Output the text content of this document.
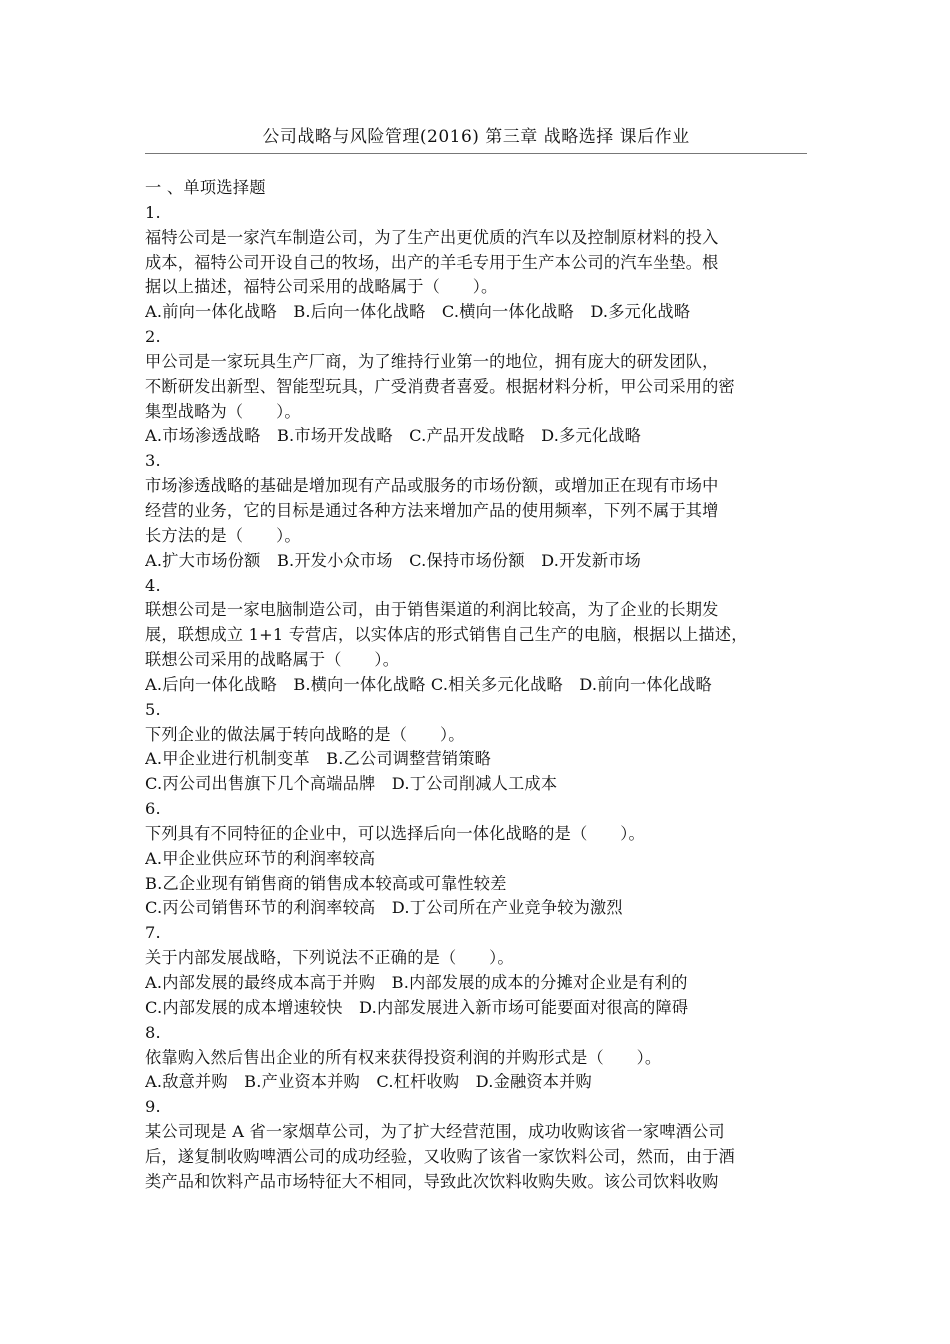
公司战略与风险管理(2016) 第三章 战略选择 课后作业
一 、单项选择题
1.
福特公司是一家汽车制造公司，为了生产出更优质的汽车以及控制原材料的投入
成本，福特公司开设自己的牧场，出产的羊毛专用于生产本公司的汽车坐垫。根
据以上描述，福特公司采用的战略属于（　　）。
A.前向一体化战略　B.后向一体化战略　C.横向一体化战略　D.多元化战略
2.
甲公司是一家玩具生产厂商，为了维持行业第一的地位，拥有庞大的研发团队，
不断研发出新型、智能型玩具，广受消费者喜爱。根据材料分析，甲公司采用的密
集型战略为（　　）。
A.市场渗透战略　B.市场开发战略　C.产品开发战略　D.多元化战略
3.
市场渗透战略的基础是增加现有产品或服务的市场份额，或增加正在现有市场中
经营的业务，它的目标是通过各种方法来增加产品的使用频率，下列不属于其增
长方法的是（　　）。
A.扩大市场份额　B.开发小众市场　C.保持市场份额　D.开发新市场
4.
联想公司是一家电脑制造公司，由于销售渠道的利润比较高，为了企业的长期发
展，联想成立 1+1 专营店，以实体店的形式销售自己生产的电脑，根据以上描述，
联想公司采用的战略属于（　　）。
A.后向一体化战略　B.横向一体化战略 C.相关多元化战略　D.前向一体化战略
5.
下列企业的做法属于转向战略的是（　　）。
A.甲企业进行机制变革　B.乙公司调整营销策略
C.丙公司出售旗下几个高端品牌　D.丁公司削减人工成本
6.
下列具有不同特征的企业中，可以选择后向一体化战略的是（　　）。
A.甲企业供应环节的利润率较高
B.乙企业现有销售商的销售成本较高或可靠性较差
C.丙公司销售环节的利润率较高　D.丁公司所在产业竞争较为激烈
7.
关于内部发展战略，下列说法不正确的是（　　）。
A.内部发展的最终成本高于并购　B.内部发展的成本的分摊对企业是有利的
C.内部发展的成本增速较快　D.内部发展进入新市场可能要面对很高的障碍
8.
依靠购入然后售出企业的所有权来获得投资利润的并购形式是（　　）。
A.敌意并购　B.产业资本并购　C.杠杆收购　D.金融资本并购
9.
某公司现是 A 省一家烟草公司，为了扩大经营范围，成功收购该省一家啤酒公司
后，遂复制收购啤酒公司的成功经验，又收购了该省一家饮料公司，然而，由于酒
类产品和饮料产品市场特征大不相同，导致此次饮料收购失败。该公司饮料收购
